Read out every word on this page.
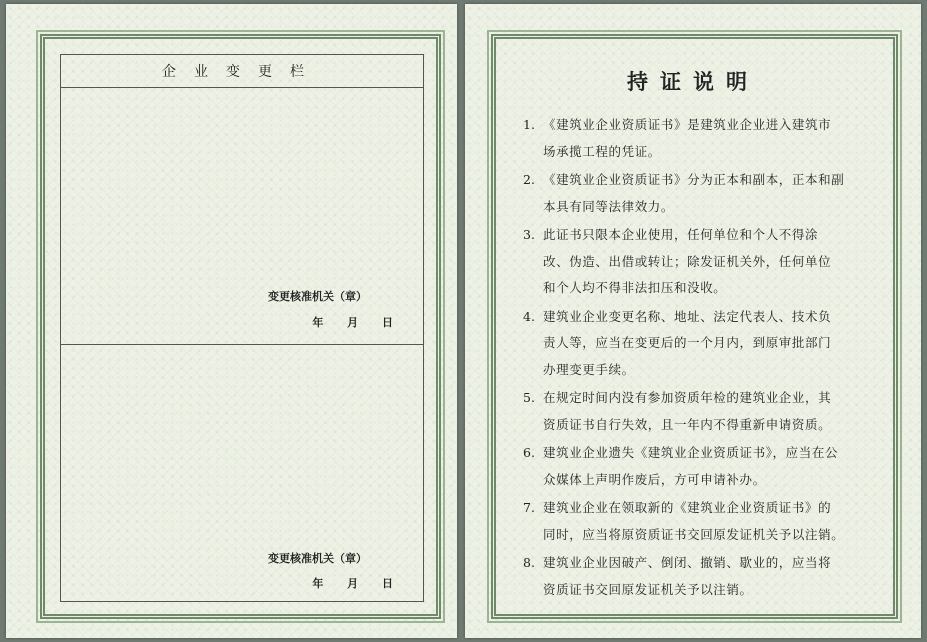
企业变更栏
变更核准机关（章）
年 月 日
变更核准机关（章）
年 月 日
持证说明
1. 《建筑业企业资质证书》是建筑业企业进入建筑市
场承揽工程的凭证。
2. 《建筑业企业资质证书》分为正本和副本，正本和副
本具有同等法律效力。
3. 此证书只限本企业使用，任何单位和个人不得涂
改、伪造、出借或转让；除发证机关外，任何单位
和个人均不得非法扣压和没收。
4. 建筑业企业变更名称、地址、法定代表人、技术负
责人等，应当在变更后的一个月内，到原审批部门
办理变更手续。
5. 在规定时间内没有参加资质年检的建筑业企业，其
资质证书自行失效，且一年内不得重新申请资质。
6. 建筑业企业遗失《建筑业企业资质证书》，应当在公
众媒体上声明作废后，方可申请补办。
7. 建筑业企业在领取新的《建筑业企业资质证书》的
同时，应当将原资质证书交回原发证机关予以注销。
8. 建筑业企业因破产、倒闭、撤销、歇业的，应当将
资质证书交回原发证机关予以注销。
